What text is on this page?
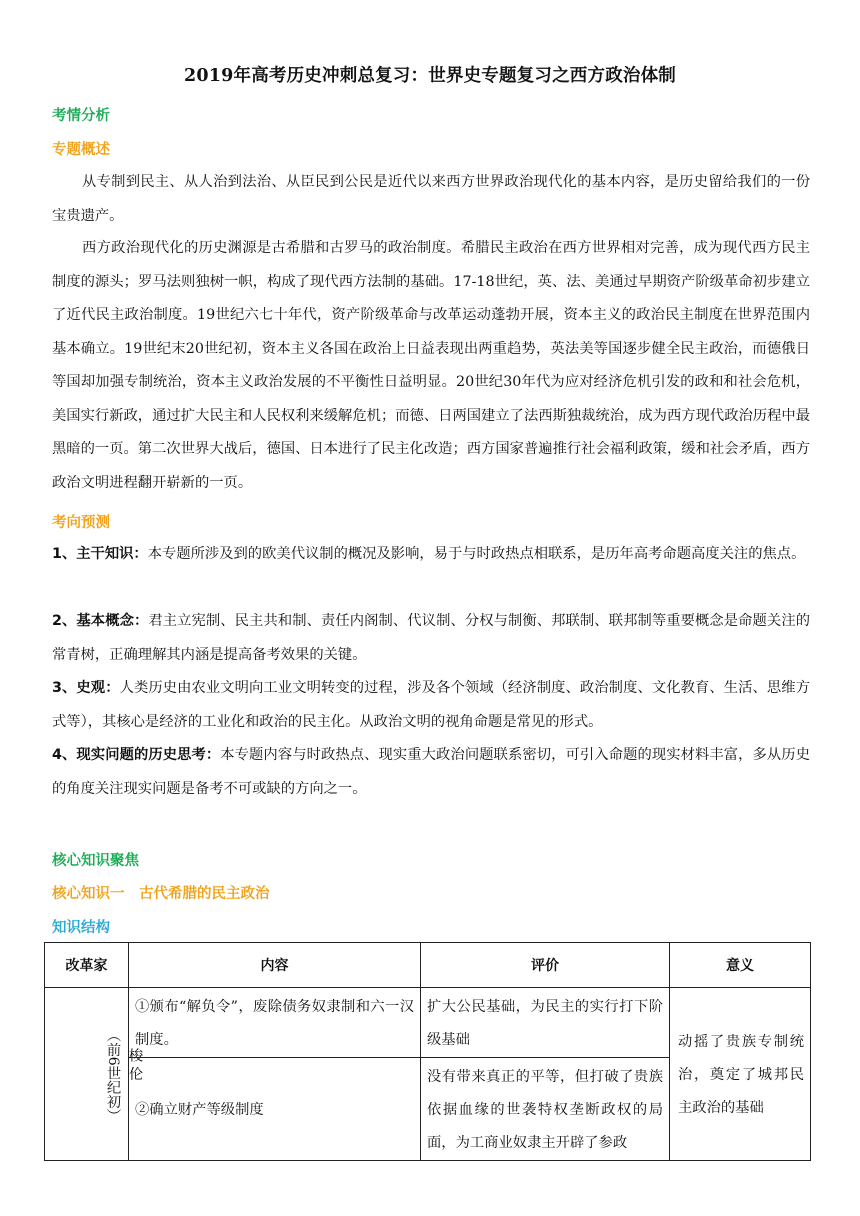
2019年高考历史冲刺总复习：世界史专题复习之西方政治体制
考情分析
专题概述
从专制到民主、从人治到法治、从臣民到公民是近代以来西方世界政治现代化的基本内容，是历史留给我们的一份宝贵遗产。
西方政治现代化的历史渊源是古希腊和古罗马的政治制度。希腊民主政治在西方世界相对完善，成为现代西方民主制度的源头；罗马法则独树一帜，构成了现代西方法制的基础。17-18世纪，英、法、美通过早期资产阶级革命初步建立了近代民主政治制度。19世纪六七十年代，资产阶级革命与改革运动蓬勃开展，资本主义的政治民主制度在世界范围内基本确立。19世纪末20世纪初，资本主义各国在政治上日益表现出两重趋势，英法美等国逐步健全民主政治，而德俄日等国却加强专制统治，资本主义政治发展的不平衡性日益明显。20世纪30年代为应对经济危机引发的政和和社会危机，美国实行新政，通过扩大民主和人民权利来缓解危机；而德、日两国建立了法西斯独裁统治，成为西方现代政治历程中最黑暗的一页。第二次世界大战后，德国、日本进行了民主化改造；西方国家普遍推行社会福利政策，缓和社会矛盾，西方政治文明进程翻开崭新的一页。
考向预测
1、主干知识：本专题所涉及到的欧美代议制的概况及影响，易于与时政热点相联系，是历年高考命题高度关注的焦点。
2、基本概念：君主立宪制、民主共和制、责任内阁制、代议制、分权与制衡、邦联制、联邦制等重要概念是命题关注的常青树，正确理解其内涵是提高备考效果的关键。
3、史观：人类历史由农业文明向工业文明转变的过程，涉及各个领域（经济制度、政治制度、文化教育、生活、思维方式等），其核心是经济的工业化和政治的民主化。从政治文明的视角命题是常见的形式。
4、现实问题的历史思考：本专题内容与时政热点、现实重大政治问题联系密切，可引入命题的现实材料丰富，多从历史的角度关注现实问题是备考不可或缺的方向之一。
核心知识聚焦
核心知识一　古代希腊的民主政治
知识结构
改革家	内容	评价	意义

（前6世纪初） 梭伦	①颁布“解负令”，废除债务奴隶制和六一汉制度。	扩大公民基础，为民主的实行打下阶级基础	动摇了贵族专制统治，奠定了城邦民主政治的基础
	②确立财产等级制度	没有带来真正的平等，但打破了贵族依据血缘的世袭特权垄断政权的局面，为工商业奴隶主开辟了参政	
